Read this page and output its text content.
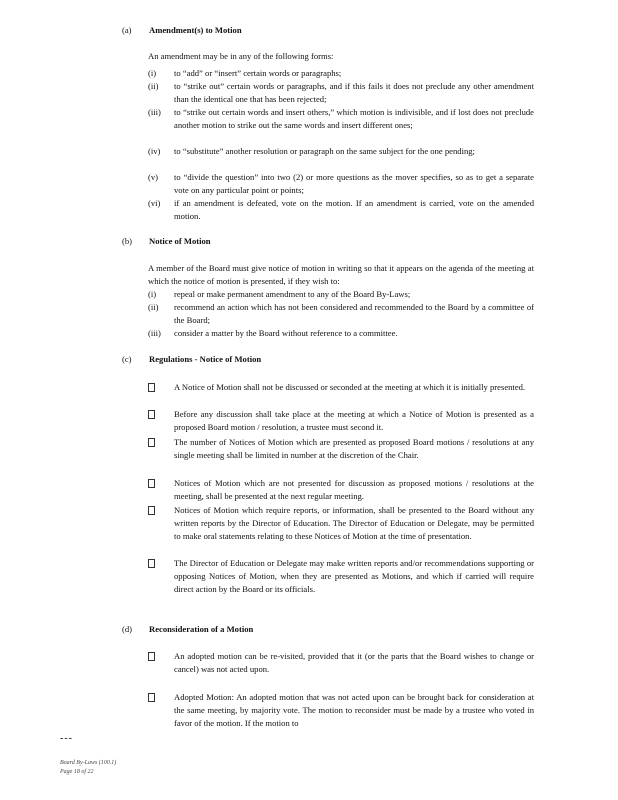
(a) Amendment(s) to Motion
An amendment may be in any of the following forms:
(i) to “add” or “insert” certain words or paragraphs;
(ii) to “strike out” certain words or paragraphs, and if this fails it does not preclude any other amendment than the identical one that has been rejected;
(iii) to “strike out certain words and insert others,” which motion is indivisible, and if lost does not preclude another motion to strike out the same words and insert different ones;
(iv) to “substitute” another resolution or paragraph on the same subject for the one pending;
(v) to “divide the question” into two (2) or more questions as the mover specifies, so as to get a separate vote on any particular point or points;
(vi) if an amendment is defeated, vote on the motion. If an amendment is carried, vote on the amended motion.
(b) Notice of Motion
A member of the Board must give notice of motion in writing so that it appears on the agenda of the meeting at which the notice of motion is presented, if they wish to:
(i) repeal or make permanent amendment to any of the Board By-Laws;
(ii) recommend an action which has not been considered and recommended to the Board by a committee of the Board;
(iii) consider a matter by the Board without reference to a committee.
(c) Regulations - Notice of Motion
A Notice of Motion shall not be discussed or seconded at the meeting at which it is initially presented.
Before any discussion shall take place at the meeting at which a Notice of Motion is presented as a proposed Board motion / resolution, a trustee must second it.
The number of Notices of Motion which are presented as proposed Board motions / resolutions at any single meeting shall be limited in number at the discretion of the Chair.
Notices of Motion which are not presented for discussion as proposed motions / resolutions at the meeting, shall be presented at the next regular meeting.
Notices of Motion which require reports, or information, shall be presented to the Board without any written reports by the Director of Education. The Director of Education or Delegate, may be permitted to make oral statements relating to these Notices of Motion at the time of presentation.
The Director of Education or Delegate may make written reports and/or recommendations supporting or opposing Notices of Motion, when they are presented as Motions, and which if carried will require direct action by the Board or its officials.
(d) Reconsideration of a Motion
An adopted motion can be re-visited, provided that it (or the parts that the Board wishes to change or cancel) was not acted upon.
Adopted Motion: An adopted motion that was not acted upon can be brought back for consideration at the same meeting, by majority vote. The motion to reconsider must be made by a trustee who voted in favor of the motion. If the motion to
---
Board By-Laws (100.1)
Page 18 of 22
